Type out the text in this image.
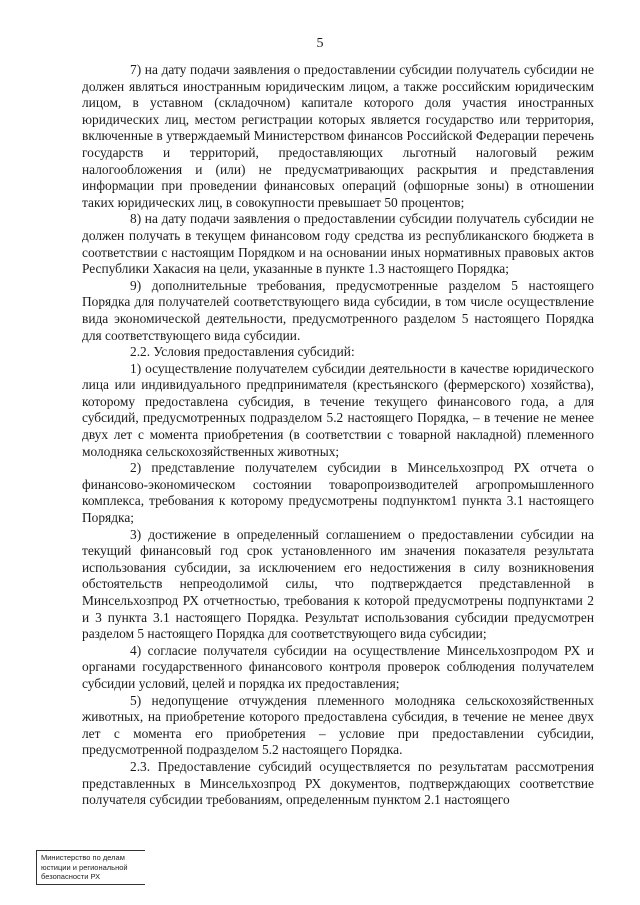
5

7) на дату подачи заявления о предоставлении субсидии получатель субсидии не должен являться иностранным юридическим лицом, а также российским юридическим лицом, в уставном (складочном) капитале которого доля участия иностранных юридических лиц, местом регистрации которых является государство или территория, включенные в утверждаемый Министерством финансов Российской Федерации перечень государств и территорий, предоставляющих льготный налоговый режим налогообложения и (или) не предусматривающих раскрытия и представления информации при проведении финансовых операций (офшорные зоны) в отношении таких юридических лиц, в совокупности превышает 50 процентов;

8) на дату подачи заявления о предоставлении субсидии получатель субсидии не должен получать в текущем финансовом году средства из республиканского бюджета в соответствии с настоящим Порядком и на основании иных нормативных правовых актов Республики Хакасия на цели, указанные в пункте 1.3 настоящего Порядка;

9) дополнительные требования, предусмотренные разделом 5 настоящего Порядка для получателей соответствующего вида субсидии, в том числе осуществление вида экономической деятельности, предусмотренного разделом 5 настоящего Порядка для соответствующего вида субсидии.

2.2. Условия предоставления субсидий:

1) осуществление получателем субсидии деятельности в качестве юридического лица или индивидуального предпринимателя (крестьянского (фермерского) хозяйства), которому предоставлена субсидия, в течение текущего финансового года, а для субсидий, предусмотренных подразделом 5.2 настоящего Порядка, – в течение не менее двух лет с момента приобретения (в соответствии с товарной накладной) племенного молодняка сельскохозяйственных животных;

2) представление получателем субсидии в Минсельхозпрод РХ отчета о финансово-экономическом состоянии товаропроизводителей агропромышленного комплекса, требования к которому предусмотрены подпунктом1 пункта 3.1 настоящего Порядка;

3) достижение в определенный соглашением о предоставлении субсидии на текущий финансовый год срок установленного им значения показателя результата использования субсидии, за исключением его недостижения в силу возникновения обстоятельств непреодолимой силы, что подтверждается представленной в Минсельхозпрод РХ отчетностью, требования к которой предусмотрены подпунктами 2 и 3 пункта 3.1 настоящего Порядка. Результат использования субсидии предусмотрен разделом 5 настоящего Порядка для соответствующего вида субсидии;

4) согласие получателя субсидии на осуществление Минсельхозпродом РХ и органами государственного финансового контроля проверок соблюдения получателем субсидии условий, целей и порядка их предоставления;

5) недопущение отчуждения племенного молодняка сельскохозяйственных животных, на приобретение которого предоставлена субсидия, в течение не менее двух лет с момента его приобретения – условие при предоставлении субсидии, предусмотренной подразделом 5.2 настоящего Порядка.

2.3. Предоставление субсидий осуществляется по результатам рассмотрения представленных в Минсельхозпрод РХ документов, подтверждающих соответствие получателя субсидии требованиям, определенным пунктом 2.1 настоящего

Министерство по делам
юстиции и региональной
безопасности РХ
